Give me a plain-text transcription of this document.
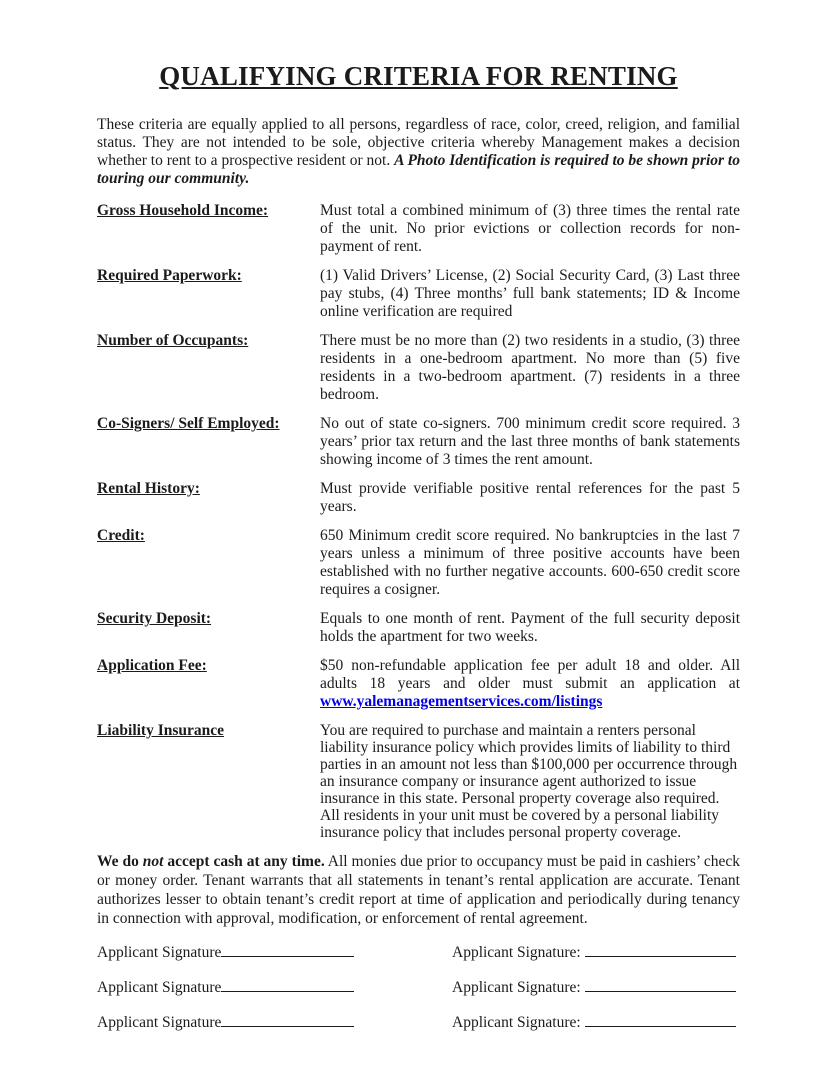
QUALIFYING CRITERIA FOR RENTING

These criteria are equally applied to all persons, regardless of race, color, creed, religion, and familial status. They are not intended to be sole, objective criteria whereby Management makes a decision whether to rent to a prospective resident or not. A Photo Identification is required to be shown prior to touring our community.

Gross Household Income:	Must total a combined minimum of (3) three times the rental rate of the unit. No prior evictions or collection records for non-payment of rent.
Required Paperwork:	(1) Valid Drivers’ License, (2) Social Security Card, (3) Last three pay stubs, (4) Three months’ full bank statements; ID & Income online verification are required
Number of Occupants:	There must be no more than (2) two residents in a studio, (3) three residents in a one-bedroom apartment. No more than (5) five residents in a two-bedroom apartment. (7) residents in a three bedroom.
Co-Signers/ Self Employed:	No out of state co-signers. 700 minimum credit score required. 3 years’ prior tax return and the last three months of bank statements showing income of 3 times the rent amount.
Rental History:	Must provide verifiable positive rental references for the past 5 years.
Credit:	650 Minimum credit score required. No bankruptcies in the last 7 years unless a minimum of three positive accounts have been established with no further negative accounts. 600-650 credit score requires a cosigner.
Security Deposit:	Equals to one month of rent. Payment of the full security deposit holds the apartment for two weeks.
Application Fee:	$50 non-refundable application fee per adult 18 and older. All adults 18 years and older must submit an application at www.yalemanagementservices.com/listings
Liability Insurance	You are required to purchase and maintain a renters personal liability insurance policy which provides limits of liability to third parties in an amount not less than $100,000 per occurrence through an insurance company or insurance agent authorized to issue insurance in this state. Personal property coverage also required. All residents in your unit must be covered by a personal liability insurance policy that includes personal property coverage.

We do not accept cash at any time. All monies due prior to occupancy must be paid in cashiers’ check or money order. Tenant warrants that all statements in tenant’s rental application are accurate. Tenant authorizes lesser to obtain tenant’s credit report at time of application and periodically during tenancy in connection with approval, modification, or enforcement of rental agreement.

Applicant Signature	Applicant Signature:
Applicant Signature	Applicant Signature:
Applicant Signature	Applicant Signature:
